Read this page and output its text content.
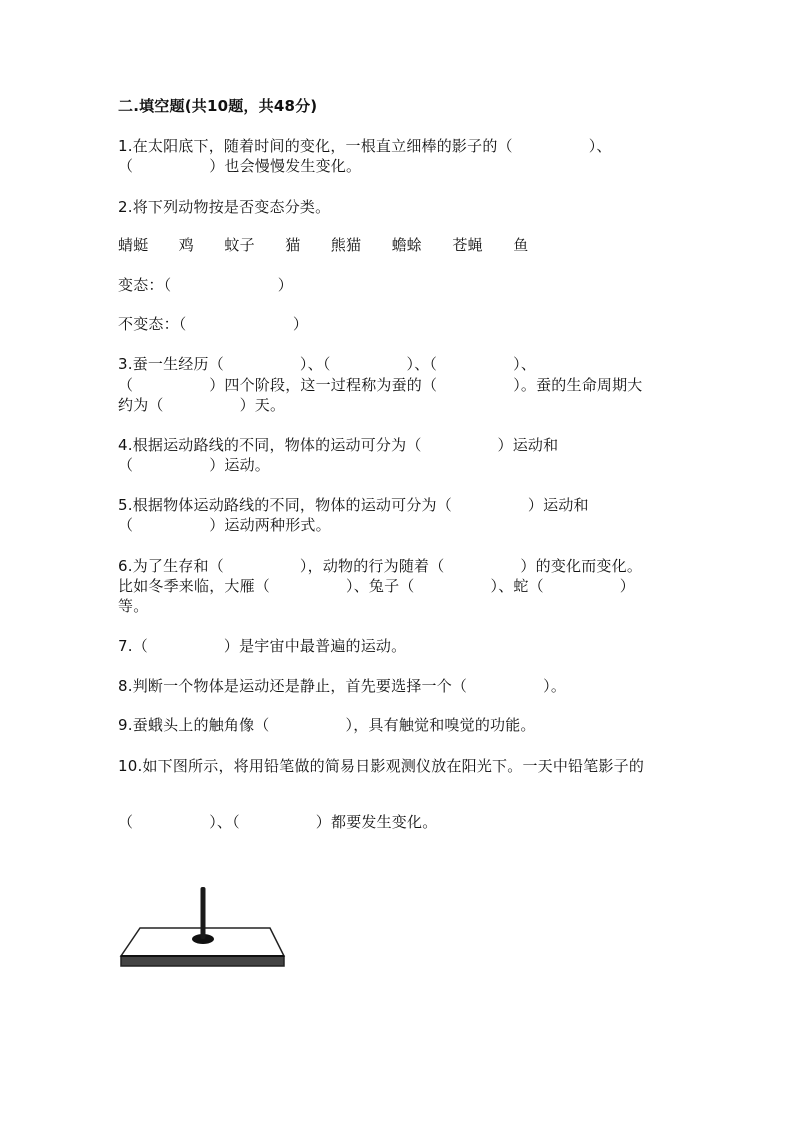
二.填空题(共10题，共48分)

1.在太阳底下，随着时间的变化，一根直立细棒的影子的（　　　　　）、

（　　　　　）也会慢慢发生变化。

2.将下列动物按是否变态分类。

蜻蜓　　鸡　　蚊子　　猫　　熊猫　　蟾蜍　　苍蝇　　鱼

变态：（　　　　　　　）

不变态：（　　　　　　　）

3.蚕一生经历（　　　　　）、（　　　　　）、（　　　　　）、

（　　　　　）四个阶段，这一过程称为蚕的（　　　　　）。蚕的生命周期大

约为（　　　　　）天。

4.根据运动路线的不同，物体的运动可分为（　　　　　）运动和

（　　　　　）运动。

5.根据物体运动路线的不同，物体的运动可分为（　　　　　）运动和

（　　　　　）运动两种形式。

6.为了生存和（　　　　　），动物的行为随着（　　　　　）的变化而变化。

比如冬季来临，大雁（　　　　　）、兔子（　　　　　）、蛇（　　　　　）

等。

7.（　　　　　）是宇宙中最普遍的运动。

8.判断一个物体是运动还是静止，首先要选择一个（　　　　　）。

9.蚕蛾头上的触角像（　　　　　），具有触觉和嗅觉的功能。

10.如下图所示，将用铅笔做的简易日影观测仪放在阳光下。一天中铅笔影子的

（　　　　　）、（　　　　　）都要发生变化。
